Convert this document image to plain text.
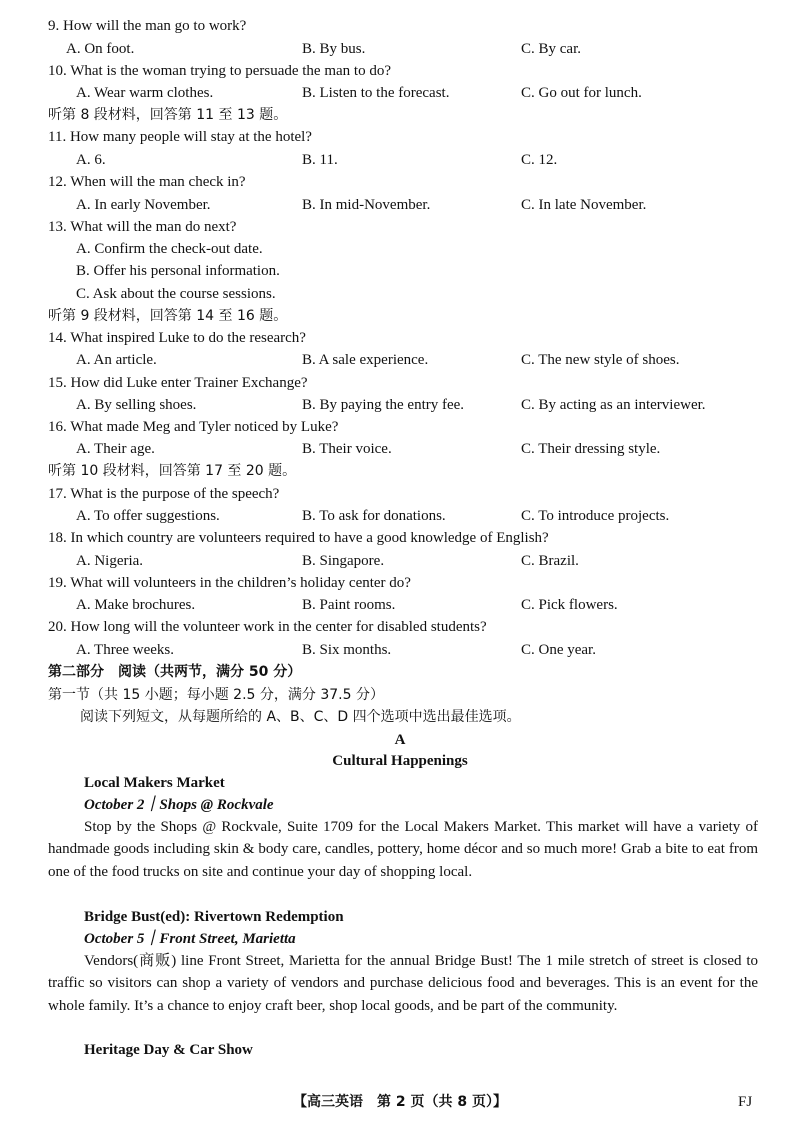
9. How will the man go to work?
A. On foot.	B. By bus.	C. By car.
10. What is the woman trying to persuade the man to do?
A. Wear warm clothes.	B. Listen to the forecast.	C. Go out for lunch.
听第 8 段材料，回答第 11 至 13 题。
11. How many people will stay at the hotel?
A. 6.	B. 11.	C. 12.
12. When will the man check in?
A. In early November.	B. In mid-November.	C. In late November.
13. What will the man do next?
A. Confirm the check-out date.
B. Offer his personal information.
C. Ask about the course sessions.
听第 9 段材料，回答第 14 至 16 题。
14. What inspired Luke to do the research?
A. An article.	B. A sale experience.	C. The new style of shoes.
15. How did Luke enter Trainer Exchange?
A. By selling shoes.	B. By paying the entry fee.	C. By acting as an interviewer.
16. What made Meg and Tyler noticed by Luke?
A. Their age.	B. Their voice.	C. Their dressing style.
听第 10 段材料，回答第 17 至 20 题。
17. What is the purpose of the speech?
A. To offer suggestions.	B. To ask for donations.	C. To introduce projects.
18. In which country are volunteers required to have a good knowledge of English?
A. Nigeria.	B. Singapore.	C. Brazil.
19. What will volunteers in the children’s holiday center do?
A. Make brochures.	B. Paint rooms.	C. Pick flowers.
20. How long will the volunteer work in the center for disabled students?
A. Three weeks.	B. Six months.	C. One year.
第二部分　阅读（共两节，满分 50 分）
第一节（共 15 小题；每小题 2.5 分，满分 37.5 分）
阅读下列短文，从每题所给的 A、B、C、D 四个选项中选出最佳选项。
A
Cultural Happenings
Local Makers Market
October 2｜Shops @ Rockvale
Stop by the Shops @ Rockvale, Suite 1709 for the Local Makers Market. This market will have a variety of handmade goods including skin & body care, candles, pottery, home décor and so much more! Grab a bite to eat from one of the food trucks on site and continue your day of shopping local.
Bridge Bust(ed): Rivertown Redemption
October 5｜Front Street, Marietta
Vendors(商贩) line Front Street, Marietta for the annual Bridge Bust! The 1 mile stretch of street is closed to traffic so visitors can shop a variety of vendors and purchase delicious food and beverages. This is an event for the whole family. It’s a chance to enjoy craft beer, shop local goods, and be part of the community.
Heritage Day & Car Show
【高三英语　第 2 页（共 8 页）】	FJ
